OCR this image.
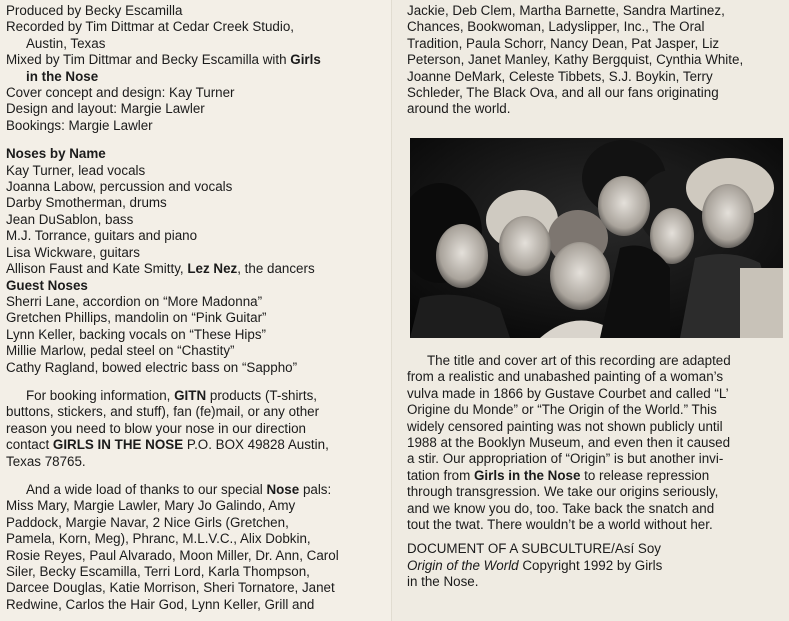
Produced by Becky Escamilla
Recorded by Tim Dittmar at Cedar Creek Studio,
Austin, Texas
Mixed by Tim Dittmar and Becky Escamilla with Girls
in the Nose
Cover concept and design: Kay Turner
Design and layout: Margie Lawler
Bookings: Margie Lawler
Noses by Name
Kay Turner, lead vocals
Joanna Labow, percussion and vocals
Darby Smotherman, drums
Jean DuSablon, bass
M.J. Torrance, guitars and piano
Lisa Wickware, guitars
Allison Faust and Kate Smitty, Lez Nez, the dancers
Guest Noses
Sherri Lane, accordion on “More Madonna”
Gretchen Phillips, mandolin on “Pink Guitar”
Lynn Keller, backing vocals on “These Hips”
Millie Marlow, pedal steel on “Chastity”
Cathy Ragland, bowed electric bass on “Sappho”
For booking information, GITN products (T-shirts,
buttons, stickers, and stuff), fan (fe)mail, or any other
reason you need to blow your nose in our direction
contact GIRLS IN THE NOSE P.O. BOX 49828 Austin,
Texas 78765.
And a wide load of thanks to our special Nose pals:
Miss Mary, Margie Lawler, Mary Jo Galindo, Amy
Paddock, Margie Navar, 2 Nice Girls (Gretchen,
Pamela, Korn, Meg), Phranc, M.L.V.C., Alix Dobkin,
Rosie Reyes, Paul Alvarado, Moon Miller, Dr. Ann, Carol
Siler, Becky Escamilla, Terri Lord, Karla Thompson,
Darcee Douglas, Katie Morrison, Sheri Tornatore, Janet
Redwine, Carlos the Hair God, Lynn Keller, Grill and
Jackie, Deb Clem, Martha Barnette, Sandra Martinez,
Chances, Bookwoman, Ladyslipper, Inc., The Oral
Tradition, Paula Schorr, Nancy Dean, Pat Jasper, Liz
Peterson, Janet Manley, Kathy Bergquist, Cynthia White,
Joanne DeMark, Celeste Tibbets, S.J. Boykin, Terry
Schleder, The Black Ova, and all our fans originating
around the world.
The title and cover art of this recording are adapted
from a realistic and unabashed painting of a woman’s
vulva made in 1866 by Gustave Courbet and called “L’
Origine du Monde” or “The Origin of the World.” This
widely censored painting was not shown publicly until
1988 at the Booklyn Museum, and even then it caused
a stir. Our appropriation of “Origin” is but another invi-
tation from Girls in the Nose to release repression
through transgression. We take our origins seriously,
and we know you do, too. Take back the snatch and
tout the twat. There wouldn’t be a world without her.
DOCUMENT OF A SUBCULTURE/Así Soy
Origin of the World Copyright 1992 by Girls
in the Nose.
